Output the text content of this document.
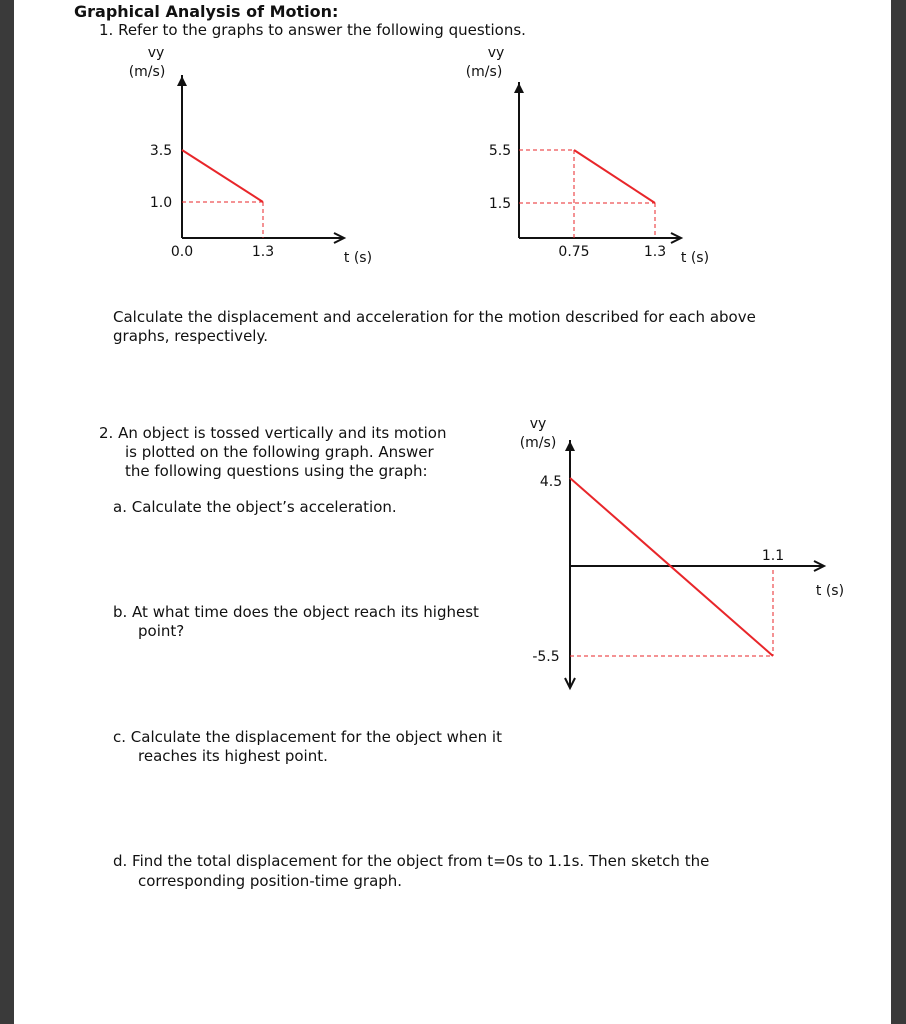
Graphical Analysis of Motion:
1. Refer to the graphs to answer the following questions.
vy
(m/s)
t (s)
3.5
1.0
0.0	1.3
vy
(m/s)
t (s)
5.5
1.5
0.75	1.3
Calculate the displacement and acceleration for the motion described for each above
graphs, respectively.
2. An object is tossed vertically and its motion
is plotted on the following graph. Answer
the following questions using the graph:
a. Calculate the object’s acceleration.
b. At what time does the object reach its highest
point?
c. Calculate the displacement for the object when it
reaches its highest point.
d. Find the total displacement for the object from t=0s to 1.1s. Then sketch the
corresponding position-time graph.
vy
(m/s)
t (s)
4.5
-5.5
1.1
